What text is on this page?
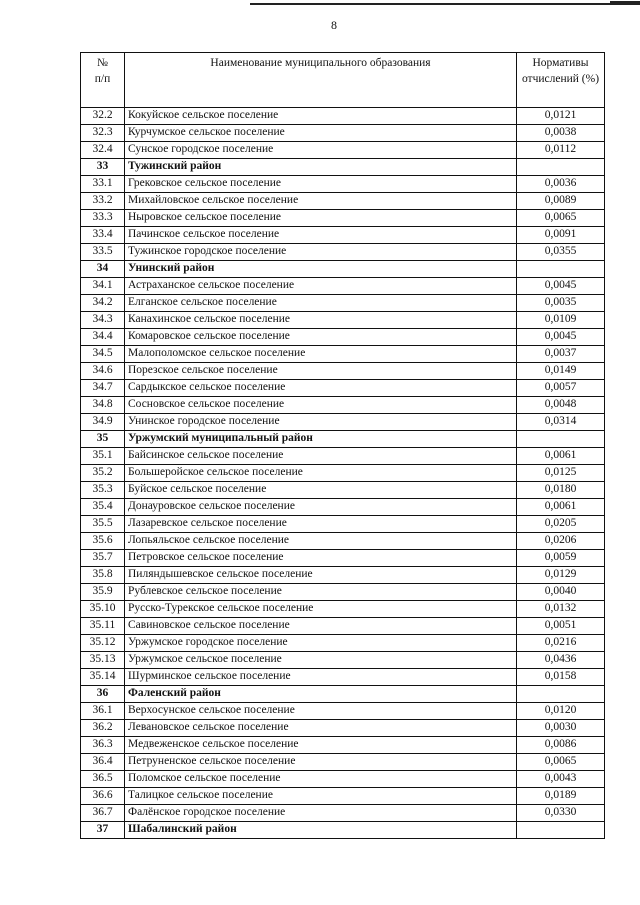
8
№ п/п	Наименование муниципального образования	Нормативы отчислений (%)
32.2	Кокуйское сельское поселение	0,0121
32.3	Курчумское сельское поселение	0,0038
32.4	Сунское городское поселение	0,0112
33	Тужинский район	
33.1	Грековское сельское поселение	0,0036
33.2	Михайловское сельское поселение	0,0089
33.3	Ныровское сельское поселение	0,0065
33.4	Пачинское сельское поселение	0,0091
33.5	Тужинское городское поселение	0,0355
34	Унинский район	
34.1	Астраханское сельское поселение	0,0045
34.2	Елганское сельское поселение	0,0035
34.3	Канахинское сельское поселение	0,0109
34.4	Комаровское сельское поселение	0,0045
34.5	Малополомское сельское поселение	0,0037
34.6	Порезское сельское поселение	0,0149
34.7	Сардыкское сельское поселение	0,0057
34.8	Сосновское сельское поселение	0,0048
34.9	Унинское городское поселение	0,0314
35	Уржумский муниципальный район	
35.1	Байсинское сельское поселение	0,0061
35.2	Большеройское сельское поселение	0,0125
35.3	Буйское сельское поселение	0,0180
35.4	Донауровское сельское поселение	0,0061
35.5	Лазаревское сельское поселение	0,0205
35.6	Лопьяльское сельское поселение	0,0206
35.7	Петровское сельское поселение	0,0059
35.8	Пиляндышевское сельское поселение	0,0129
35.9	Рублевское сельское поселение	0,0040
35.10	Русско-Турекское сельское поселение	0,0132
35.11	Савиновское сельское поселение	0,0051
35.12	Уржумское городское поселение	0,0216
35.13	Уржумское сельское поселение	0,0436
35.14	Шурминское сельское поселение	0,0158
36	Фаленский район	
36.1	Верхосунское сельское поселение	0,0120
36.2	Левановское сельское поселение	0,0030
36.3	Медвеженское сельское поселение	0,0086
36.4	Петруненское сельское поселение	0,0065
36.5	Поломское сельское поселение	0,0043
36.6	Талицкое сельское поселение	0,0189
36.7	Фалёнское городское поселение	0,0330
37	Шабалинский район	
